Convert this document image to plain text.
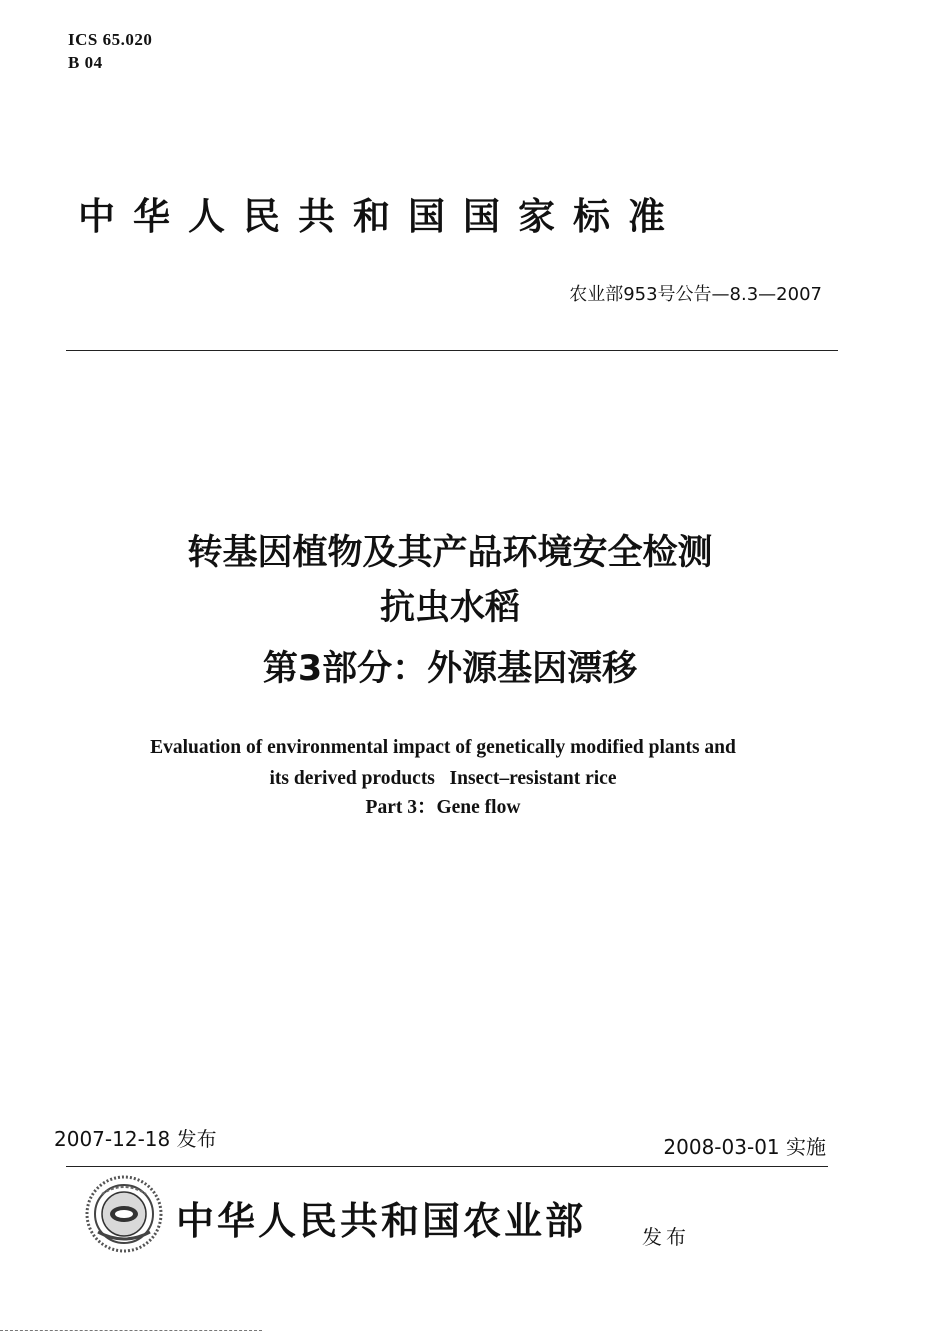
ICS 65.020
B 04
中华人民共和国国家标准
农业部953号公告—8.3—2007
转基因植物及其产品环境安全检测
抗虫水稻
第3部分：外源基因漂移
Evaluation of environmental impact of genetically modified plants and
its derived products   Insect–resistant rice
Part 3：Gene flow
2007-12-18 发布	2008-03-01 实施
中华人民共和国农业部	发布
